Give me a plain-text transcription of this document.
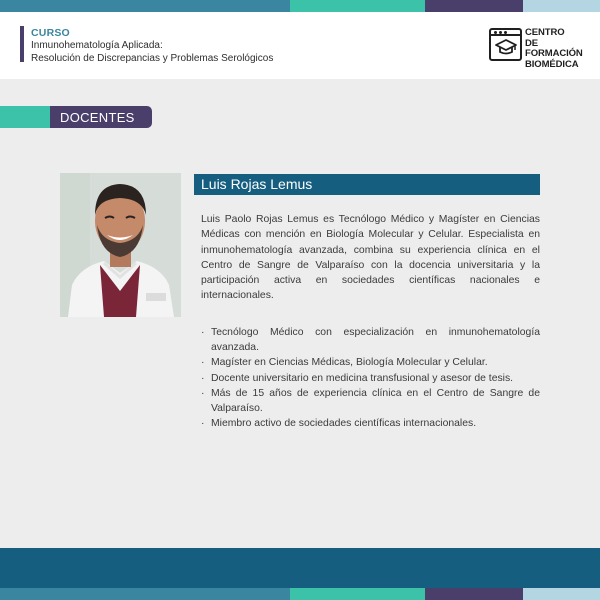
CURSO
Inmunohematología Aplicada:
Resolución de Discrepancias y Problemas Serológicos
CENTRO
DE FORMACIÓN
BIOMÉDICA
DOCENTES
Luis Rojas Lemus

Luis Paolo Rojas Lemus es Tecnólogo Médico y Magíster en Ciencias Médicas con mención en Biología Molecular y Celular. Especialista en inmunohematología avanzada, combina su experiencia clínica en el Centro de Sangre de Valparaíso con la docencia universitaria y la participación activa en sociedades científicas nacionales e internacionales.

· Tecnólogo Médico con especialización en inmunohematología avanzada.
· Magíster en Ciencias Médicas, Biología Molecular y Celular.
· Docente universitario en medicina transfusional y asesor de tesis.
· Más de 15 años de experiencia clínica en el Centro de Sangre de Valparaíso.
· Miembro activo de sociedades científicas internacionales.
